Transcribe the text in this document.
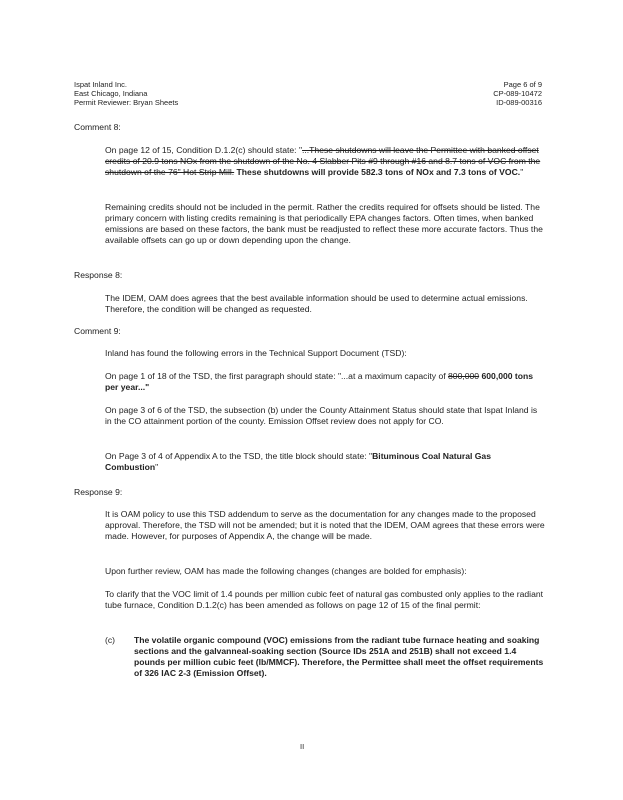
Ispat Inland Inc.
East Chicago, Indiana
Permit Reviewer: Bryan Sheets
Page 6 of 9
CP-089-10472
ID-089-00316
Comment 8:
On page 12 of 15, Condition D.1.2(c) should state: "...These shutdowns will leave the Permittee with banked offset credits of 20.9 tons NOx from the shutdown of the No. 4 Slabber Pits #9 through #16 and 8.7 tons of VOC from the shutdown of the 76" Hot Strip Mill. These shutdowns will provide 582.3 tons of NOx and 7.3 tons of VOC."
Remaining credits should not be included in the permit. Rather the credits required for offsets should be listed. The primary concern with listing credits remaining is that periodically EPA changes factors. Often times, when banked emissions are based on these factors, the bank must be readjusted to reflect these more accurate factors. Thus the available offsets can go up or down depending upon the change.
Response 8:
The IDEM, OAM does agrees that the best available information should be used to determine actual emissions. Therefore, the condition will be changed as requested.
Comment 9:
Inland has found the following errors in the Technical Support Document (TSD):
On page 1 of 18 of the TSD, the first paragraph should state: "...at a maximum capacity of 800,000 600,000 tons per year..."
On page 3 of 6 of the TSD, the subsection (b) under the County Attainment Status should state that Ispat Inland is in the CO attainment portion of the county. Emission Offset review does not apply for CO.
On Page 3 of 4 of Appendix A to the TSD, the title block should state: "Bituminous Coal Natural Gas Combustion"
Response 9:
It is OAM policy to use this TSD addendum to serve as the documentation for any changes made to the proposed approval. Therefore, the TSD will not be amended; but it is noted that the IDEM, OAM agrees that these errors were made. However, for purposes of Appendix A, the change will be made.
Upon further review, OAM has made the following changes (changes are bolded for emphasis):
To clarify that the VOC limit of 1.4 pounds per million cubic feet of natural gas combusted only applies to the radiant tube furnace, Condition D.1.2(c) has been amended as follows on page 12 of 15 of the final permit:
(c) The volatile organic compound (VOC) emissions from the radiant tube furnace heating and soaking sections and the galvanneal-soaking section (Source IDs 251A and 251B) shall not exceed 1.4 pounds per million cubic feet (lb/MMCF). Therefore, the Permittee shall meet the offset requirements of 326 IAC 2-3 (Emission Offset).
II
